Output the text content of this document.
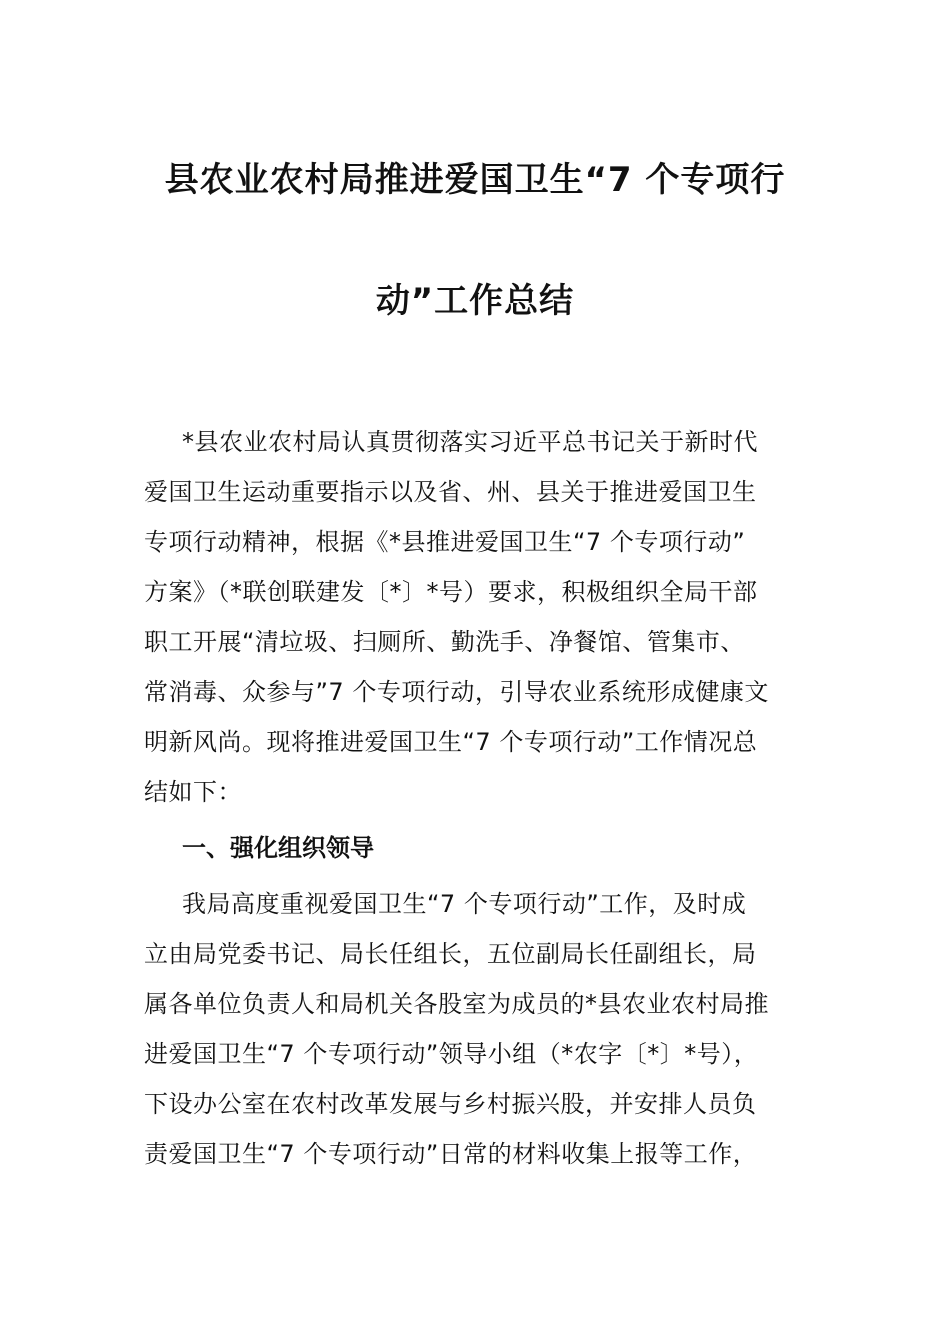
县农业农村局推进爱国卫生“7 个专项行
动”工作总结
*县农业农村局认真贯彻落实习近平总书记关于新时代
爱国卫生运动重要指示以及省、州、县关于推进爱国卫生
专项行动精神，根据《*县推进爱国卫生“7 个专项行动”
方案》（*联创联建发〔*〕*号）要求，积极组织全局干部
职工开展“清垃圾、扫厕所、勤洗手、净餐馆、管集市、
常消毒、众参与”7 个专项行动，引导农业系统形成健康文
明新风尚。现将推进爱国卫生“7 个专项行动”工作情况总
结如下：
一、强化组织领导
我局高度重视爱国卫生“7 个专项行动”工作，及时成
立由局党委书记、局长任组长，五位副局长任副组长，局
属各单位负责人和局机关各股室为成员的*县农业农村局推
进爱国卫生“7 个专项行动”领导小组（*农字〔*〕*号），
下设办公室在农村改革发展与乡村振兴股，并安排人员负
责爱国卫生“7 个专项行动”日常的材料收集上报等工作，
